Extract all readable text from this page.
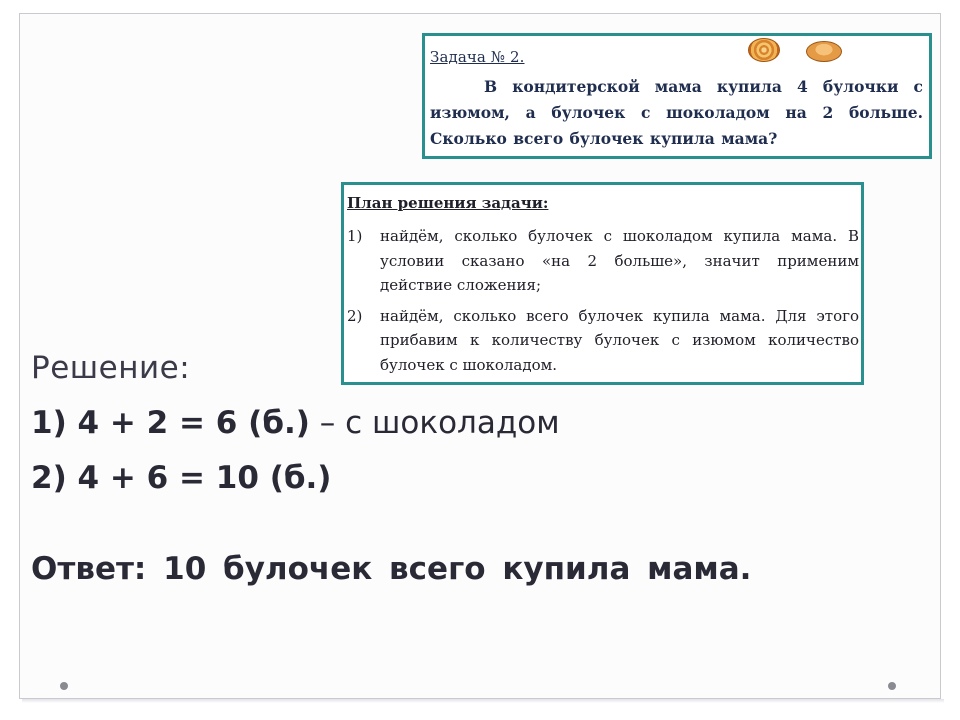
Задача № 2.
В кондитерской мама купила 4 булочки с изюмом, а булочек с шоколадом на 2 больше. Сколько всего булочек купила мама?
План решения задачи:
1) найдём, сколько булочек с шоколадом купила мама. В условии сказано «на 2 больше», значит применим действие сложения;
2) найдём, сколько всего булочек купила мама. Для этого прибавим к количеству булочек с изюмом количество булочек с шоколадом.
Решение:
1) 4 + 2 = 6 (б.) – с шоколадом
2) 4 + 6 = 10 (б.)
Ответ: 10 булочек всего купила мама.
